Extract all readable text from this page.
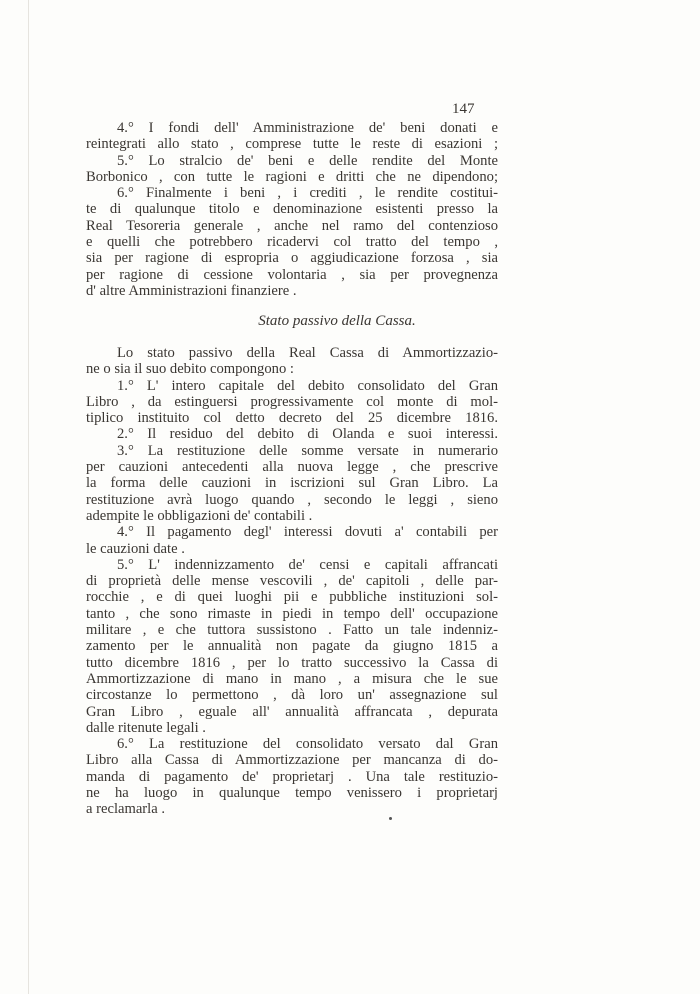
147
4.° I fondi dell' Amministrazione de' beni donati e
reintegrati allo stato , comprese tutte le reste di esazioni ;
5.° Lo stralcio de' beni e delle rendite del Monte
Borbonico , con tutte le ragioni e dritti che ne dipendono;
6.° Finalmente i beni , i crediti , le rendite costitui-
te di qualunque titolo e denominazione esistenti presso la
Real Tesoreria generale , anche nel ramo del contenzioso
e quelli che potrebbero ricadervi col tratto del tempo ,
sia per ragione di espropria o aggiudicazione forzosa , sia
per ragione di cessione volontaria , sia per provegnenza
d' altre Amministrazioni finanziere .
Stato passivo della Cassa.
Lo stato passivo della Real Cassa di Ammortizzazio-
ne o sia il suo debito compongono :
1.° L' intero capitale del debito consolidato del Gran
Libro , da estinguersi progressivamente col monte di mol-
tiplico instituito col detto decreto del 25 dicembre 1816.
2.° Il residuo del debito di Olanda e suoi interessi.
3.° La restituzione delle somme versate in numerario
per cauzioni antecedenti alla nuova legge , che prescrive
la forma delle cauzioni in iscrizioni sul Gran Libro. La
restituzione avrà luogo quando , secondo le leggi , sieno
adempite le obbligazioni de' contabili .
4.° Il pagamento degl' interessi dovuti a' contabili per
le cauzioni date .
5.° L' indennizzamento de' censi e capitali affrancati
di proprietà delle mense vescovili , de' capitoli , delle par-
rocchie , e di quei luoghi pii e pubbliche instituzioni sol-
tanto , che sono rimaste in piedi in tempo dell' occupazione
militare , e che tuttora sussistono . Fatto un tale indenniz-
zamento per le annualità non pagate da giugno 1815 a
tutto dicembre 1816 , per lo tratto successivo la Cassa di
Ammortizzazione di mano in mano , a misura che le sue
circostanze lo permettono , dà loro un' assegnazione sul
Gran Libro , eguale all' annualità affrancata , depurata
dalle ritenute legali .
6.° La restituzione del consolidato versato dal Gran
Libro alla Cassa di Ammortizzazione per mancanza di do-
manda di pagamento de' proprietarj . Una tale restituzio-
ne ha luogo in qualunque tempo venissero i proprietarj
a reclamarla .
